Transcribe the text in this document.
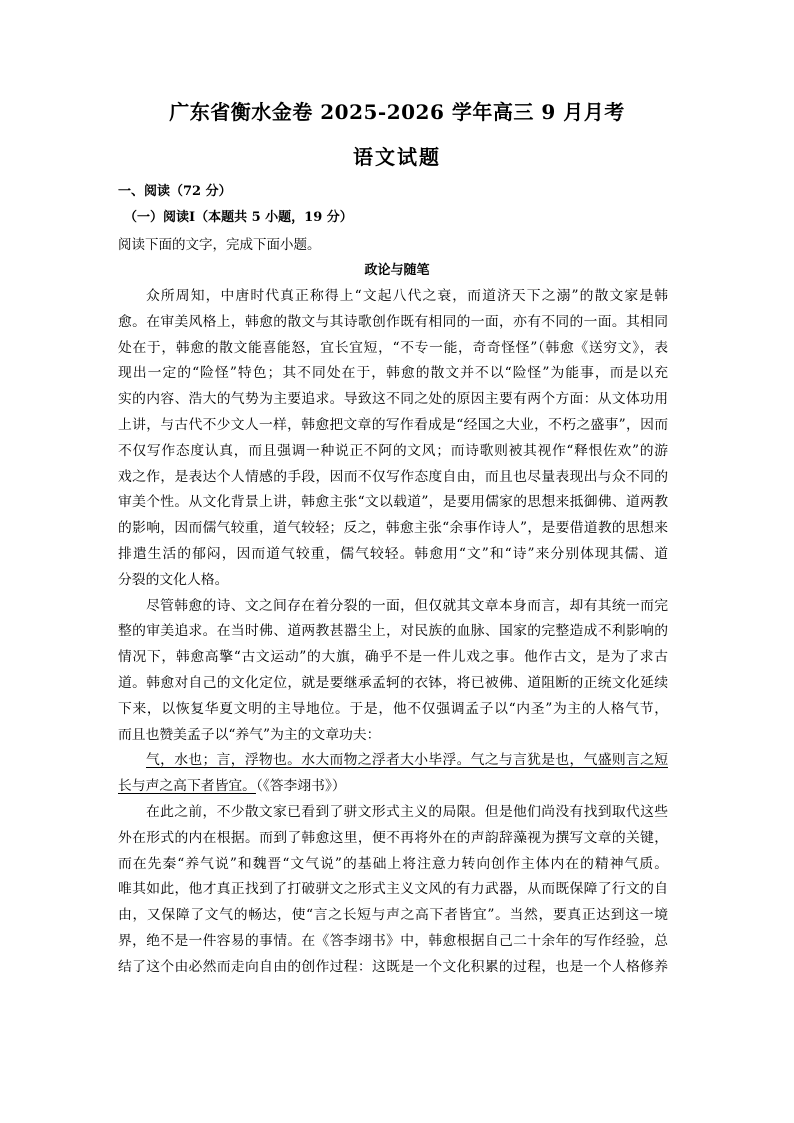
广东省衡水金卷 2025-2026 学年高三 9 月月考
语文试题
一、阅读（72 分）
（一）阅读Ⅰ（本题共 5 小题，19 分）
阅读下面的文字，完成下面小题。
政论与随笔
众所周知，中唐时代真正称得上“文起八代之衰，而道济天下之溺”的散文家是韩
愈。在审美风格上，韩愈的散文与其诗歌创作既有相同的一面，亦有不同的一面。其相同
处在于，韩愈的散文能喜能怒，宜长宜短，“不专一能，奇奇怪怪”（韩愈《送穷文》，表
现出一定的“险怪”特色；其不同处在于，韩愈的散文并不以“险怪”为能事，而是以充
实的内容、浩大的气势为主要追求。导致这不同之处的原因主要有两个方面：从文体功用
上讲，与古代不少文人一样，韩愈把文章的写作看成是“经国之大业，不朽之盛事”，因而
不仅写作态度认真，而且强调一种说正不阿的文风；而诗歌则被其视作“释恨佐欢”的游
戏之作，是表达个人情感的手段，因而不仅写作态度自由，而且也尽量表现出与众不同的
审美个性。从文化背景上讲，韩愈主张“文以载道”，是要用儒家的思想来抵御佛、道两教
的影响，因而儒气较重，道气较轻；反之，韩愈主张“余事作诗人”，是要借道教的思想来
排遣生活的郁闷，因而道气较重，儒气较轻。韩愈用“文”和“诗”来分别体现其儒、道
分裂的文化人格。
尽管韩愈的诗、文之间存在着分裂的一面，但仅就其文章本身而言，却有其统一而完
整的审美追求。在当时佛、道两教甚嚣尘上，对民族的血脉、国家的完整造成不利影响的
情况下，韩愈高擎“古文运动”的大旗，确乎不是一件儿戏之事。他作古文，是为了求古
道。韩愈对自己的文化定位，就是要继承孟轲的衣钵，将已被佛、道阻断的正统文化延续
下来，以恢复华夏文明的主导地位。于是，他不仅强调孟子以“内圣”为主的人格气节，
而且也赞美孟子以“养气”为主的文章功夫：
气，水也；言，浮物也。水大而物之浮者大小毕浮。气之与言犹是也，气盛则言之短
长与声之高下者皆宜。（《答李翊书》）
在此之前，不少散文家已看到了骈文形式主义的局限。但是他们尚没有找到取代这些
外在形式的内在根据。而到了韩愈这里，便不再将外在的声韵辞藻视为撰写文章的关键，
而在先秦“养气说”和魏晋“文气说”的基础上将注意力转向创作主体内在的精神气质。
唯其如此，他才真正找到了打破骈文之形式主义文风的有力武器，从而既保障了行文的自
由，又保障了文气的畅达，使“言之长短与声之高下者皆宜”。当然，要真正达到这一境
界，绝不是一件容易的事情。在《答李翊书》中，韩愈根据自己二十余年的写作经验，总
结了这个由必然而走向自由的创作过程：这既是一个文化积累的过程，也是一个人格修养
